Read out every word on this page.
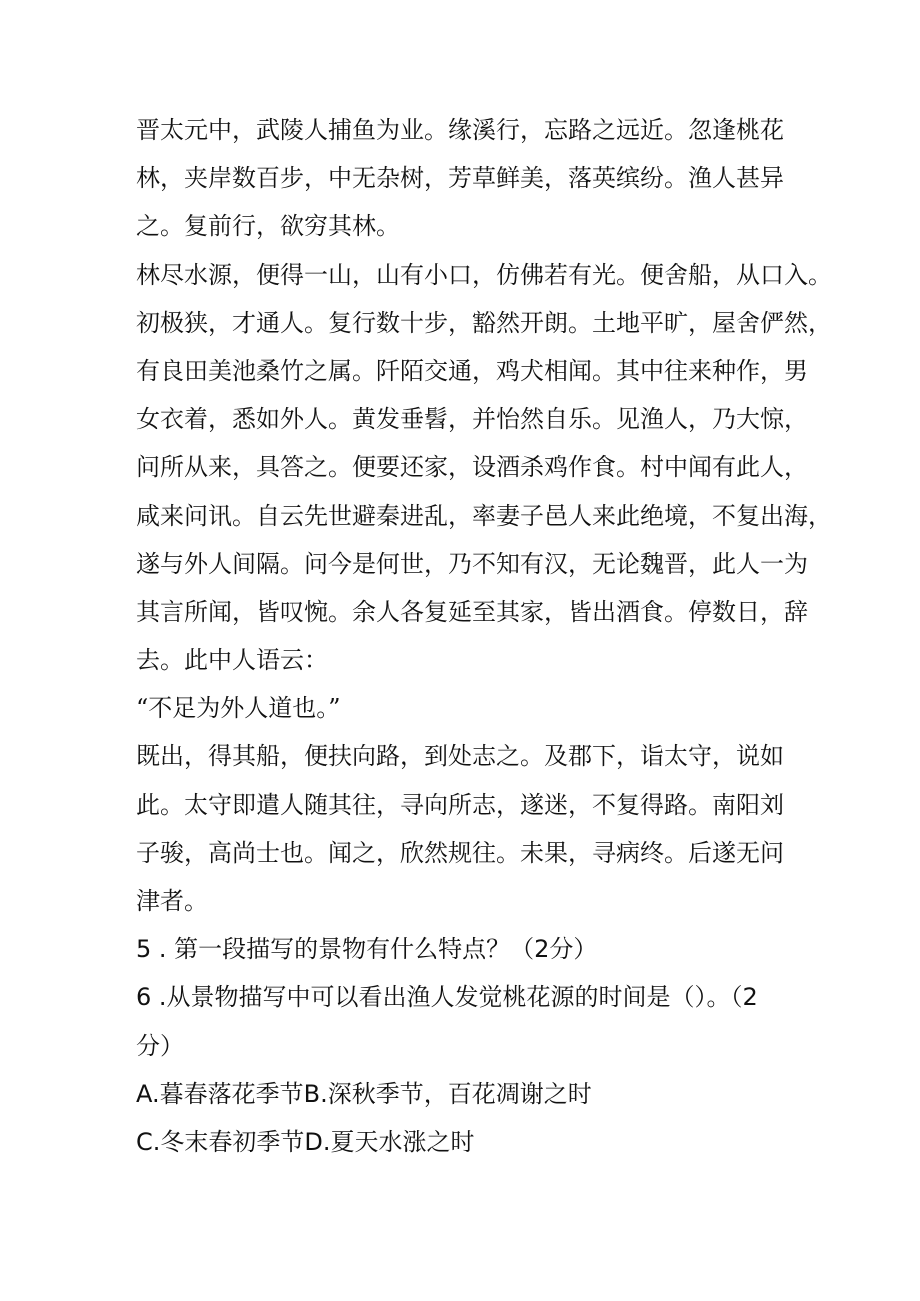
晋太元中，武陵人捕鱼为业。缘溪行，忘路之远近。忽逢桃花
林，夹岸数百步，中无杂树，芳草鲜美，落英缤纷。渔人甚异
之。复前行，欲穷其林。
林尽水源，便得一山，山有小口，仿佛若有光。便舍船，从口入。
初极狭，才通人。复行数十步，豁然开朗。土地平旷，屋舍俨然，
有良田美池桑竹之属。阡陌交通，鸡犬相闻。其中往来种作，男
女衣着，悉如外人。黄发垂髫，并怡然自乐。见渔人，乃大惊，
问所从来，具答之。便要还家，设酒杀鸡作食。村中闻有此人，
咸来问讯。自云先世避秦进乱，率妻子邑人来此绝境，不复出海，
遂与外人间隔。问今是何世，乃不知有汉，无论魏晋，此人一为
其言所闻，皆叹惋。余人各复延至其家，皆出酒食。停数日，辞
去。此中人语云：
“不足为外人道也。”
既出，得其船，便扶向路，到处志之。及郡下，诣太守，说如
此。太守即遣人随其往，寻向所志，遂迷，不复得路。南阳刘
子骏，高尚士也。闻之，欣然规往。未果，寻病终。后遂无问
津者。
5 . 第一段描写的景物有什么特点？（2分）
6 .从景物描写中可以看出渔人发觉桃花源的时间是（）。（2
分）
A.暮春落花季节B.深秋季节，百花凋谢之时
C.冬末春初季节D.夏天水涨之时
